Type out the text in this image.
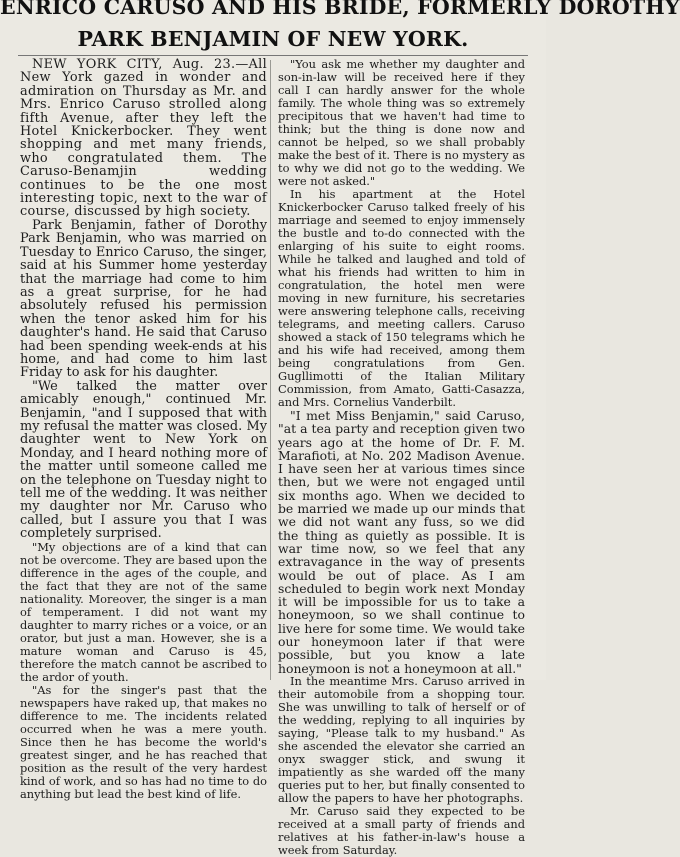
ENRICO CARUSO AND HIS BRIDE, FORMERLY DOROTHY
PARK BENJAMIN OF NEW YORK.

NEW YORK CITY, Aug. 23.—All New York gazed in wonder and admiration on Thursday as Mr. and Mrs. Enrico Caruso strolled along fifth Avenue, after they left the Hotel Knickerbocker. They went shopping and met many friends, who congratulated them. The Caruso-Benamjin wedding continues to be the one most interesting topic, next to the war of course, discussed by high society.

Park Benjamin, father of Dorothy Park Benjamin, who was married on Tuesday to Enrico Caruso, the singer, said at his Summer home yesterday that the marriage had come to him as a great surprise, for he had absolutely refused his permission when the tenor asked him for his daughter's hand. He said that Caruso had been spending week-ends at his home, and had come to him last Friday to ask for his daughter.

"We talked the matter over amicably enough," continued Mr. Benjamin, "and I supposed that with my refusal the matter was closed. My daughter went to New York on Monday, and I heard nothing more of the matter until someone called me on the telephone on Tuesday night to tell me of the wedding. It was neither my daughter nor Mr. Caruso who called, but I assure you that I was completely surprised.

"My objections are of a kind that can not be overcome. They are based upon the difference in the ages of the couple, and the fact that they are not of the same nationality. Moreover, the singer is a man of temperament. I did not want my daughter to marry riches or a voice, or an orator, but just a man. However, she is a mature woman and Caruso is 45, therefore the match cannot be ascribed to the ardor of youth.

"As for the singer's past that the newspapers have raked up, that makes no difference to me. The incidents related occurred when he was a mere youth. Since then he has become the world's greatest singer, and he has reached that position as the result of the very hardest kind of work, and so has had no time to do anything but lead the best kind of life.

"You ask me whether my daughter and son-in-law will be received here if they call I can hardly answer for the whole family. The whole thing was so extremely precipitous that we haven't had time to think; but the thing is done now and cannot be helped, so we shall probably make the best of it. There is no mystery as to why we did not go to the wedding. We were not asked."

In his apartment at the Hotel Knickerbocker Caruso talked freely of his marriage and seemed to enjoy immensely the bustle and to-do connected with the enlarging of his suite to eight rooms. While he talked and laughed and told of what his friends had written to him in congratulation, the hotel men were moving in new furniture, his secretaries were answering telephone calls, receiving telegrams, and meeting callers. Caruso showed a stack of 150 telegrams which he and his wife had received, among them being congratulations from Gen. Gugllimotti of the Italian Military Commission, from Amato, Gatti-Casazza, and Mrs. Cornelius Vanderbilt.

"I met Miss Benjamin," said Caruso, "at a tea party and reception given two years ago at the home of Dr. F. M. Marafioti, at No. 202 Madison Avenue. I have seen her at various times since then, but we were not engaged until six months ago. When we decided to be married we made up our minds that we did not want any fuss, so we did the thing as quietly as possible. It is war time now, so we feel that any extravagance in the way of presents would be out of place. As I am scheduled to begin work next Monday it will be impossible for us to take a honeymoon, so we shall continue to live here for some time. We would take our honeymoon later if that were possible, but you know a late honeymoon is not a honeymoon at all."

In the meantime Mrs. Caruso arrived in their automobile from a shopping tour. She was unwilling to talk of herself or of the wedding, replying to all inquiries by saying, "Please talk to my husband." As she ascended the elevator she carried an onyx swagger stick, and swung it impatiently as she warded off the many queries put to her, but finally consented to allow the papers to have her photographs.

Mr. Caruso said they expected to be received at a small party of friends and relatives at his father-in-law's house a week from Saturday.
